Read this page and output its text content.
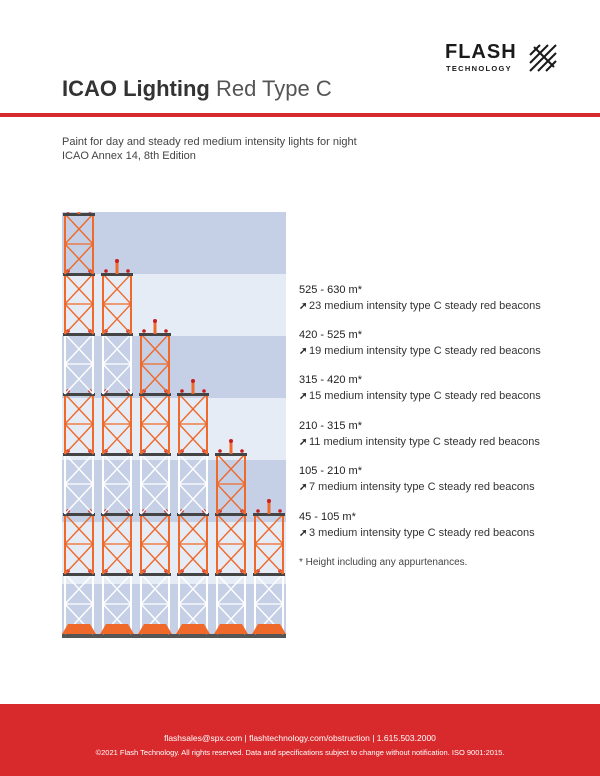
FLASH
TECHNOLOGY
ICAO Lighting Red Type C
Paint for day and steady red medium intensity lights for night
ICAO Annex 14, 8th Edition
525 - 630 m*
➚ 23 medium intensity type C steady red beacons
420 - 525 m*
➚ 19 medium intensity type C steady red beacons
315 - 420 m*
➚ 15 medium intensity type C steady red beacons
210 - 315 m*
➚ 11 medium intensity type C steady red beacons
105 - 210 m*
➚ 7 medium intensity type C steady red beacons
45 - 105 m*
➚ 3 medium intensity type C steady red beacons
* Height including any appurtenances.
flashsales@spx.com | flashtechnology.com/obstruction | 1.615.503.2000
©2021 Flash Technology. All rights reserved. Data and specifications subject to change without notification. ISO 9001:2015.
